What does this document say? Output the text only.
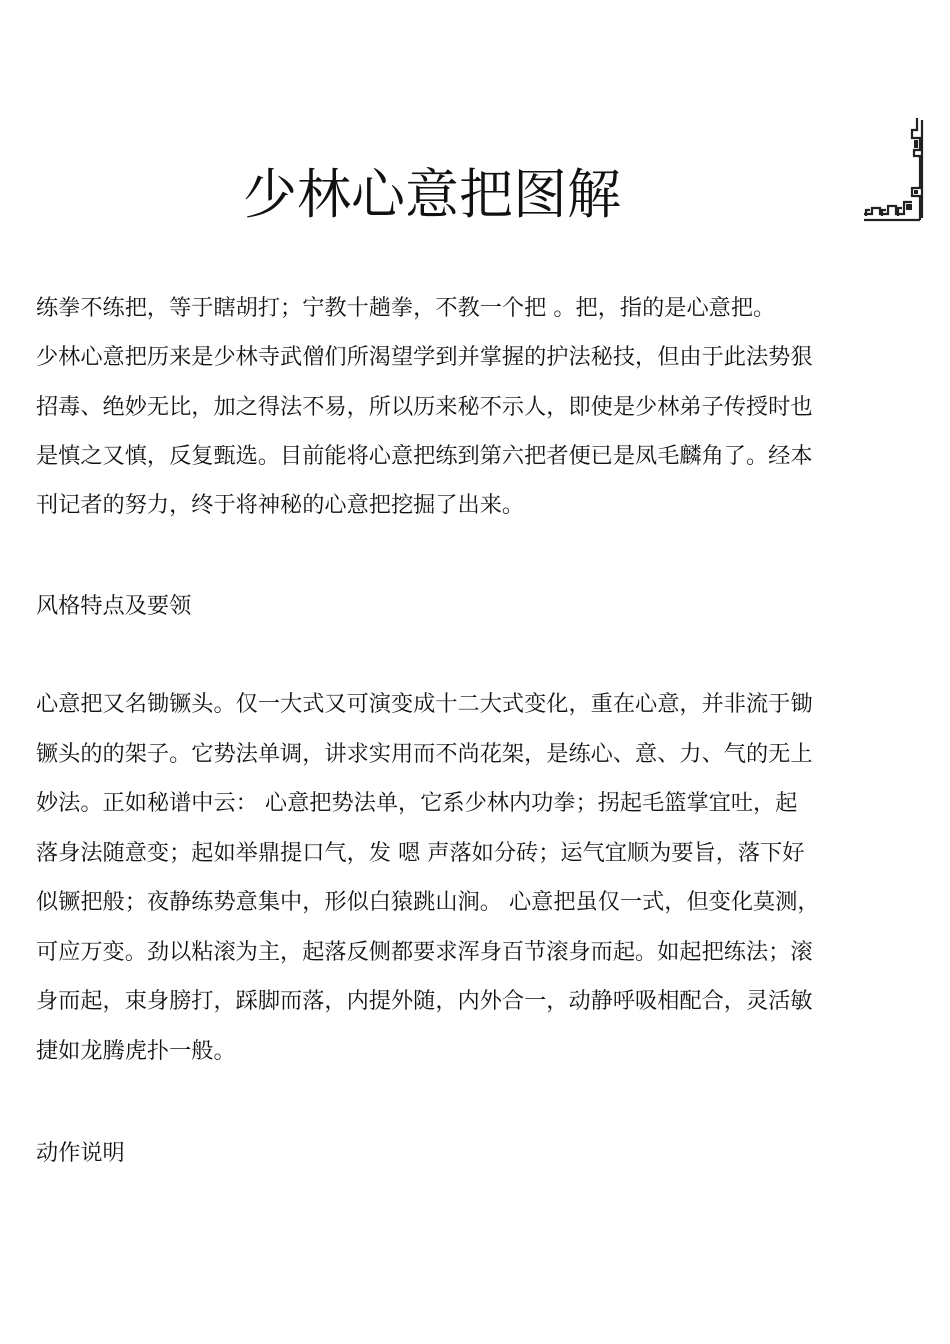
少林心意把图解

练拳不练把，等于瞎胡打；宁教十趟拳，不教一个把 。把，指的是心意把。

少林心意把历来是少林寺武僧们所渴望学到并掌握的护法秘技，但由于此法势狠

招毒、绝妙无比，加之得法不易，所以历来秘不示人，即使是少林弟子传授时也

是慎之又慎，反复甄选。目前能将心意把练到第六把者便已是凤毛麟角了。经本

刊记者的努力，终于将神秘的心意把挖掘了出来。

风格特点及要领

心意把又名锄镢头。仅一大式又可演变成十二大式变化，重在心意，并非流于锄

镢头的的架子。它势法单调，讲求实用而不尚花架，是练心、意、力、气的无上

妙法。正如秘谱中云： 心意把势法单，它系少林内功拳；拐起毛篮掌宜吐，起

落身法随意变；起如举鼎提口气，发 嗯 声落如分砖；运气宜顺为要旨，落下好

似镢把般；夜静练势意集中，形似白猿跳山涧。 心意把虽仅一式，但变化莫测，

可应万变。劲以粘滚为主，起落反侧都要求浑身百节滚身而起。如起把练法；滚

身而起，束身膀打，踩脚而落，内提外随，内外合一，动静呼吸相配合，灵活敏

捷如龙腾虎扑一般。

动作说明
